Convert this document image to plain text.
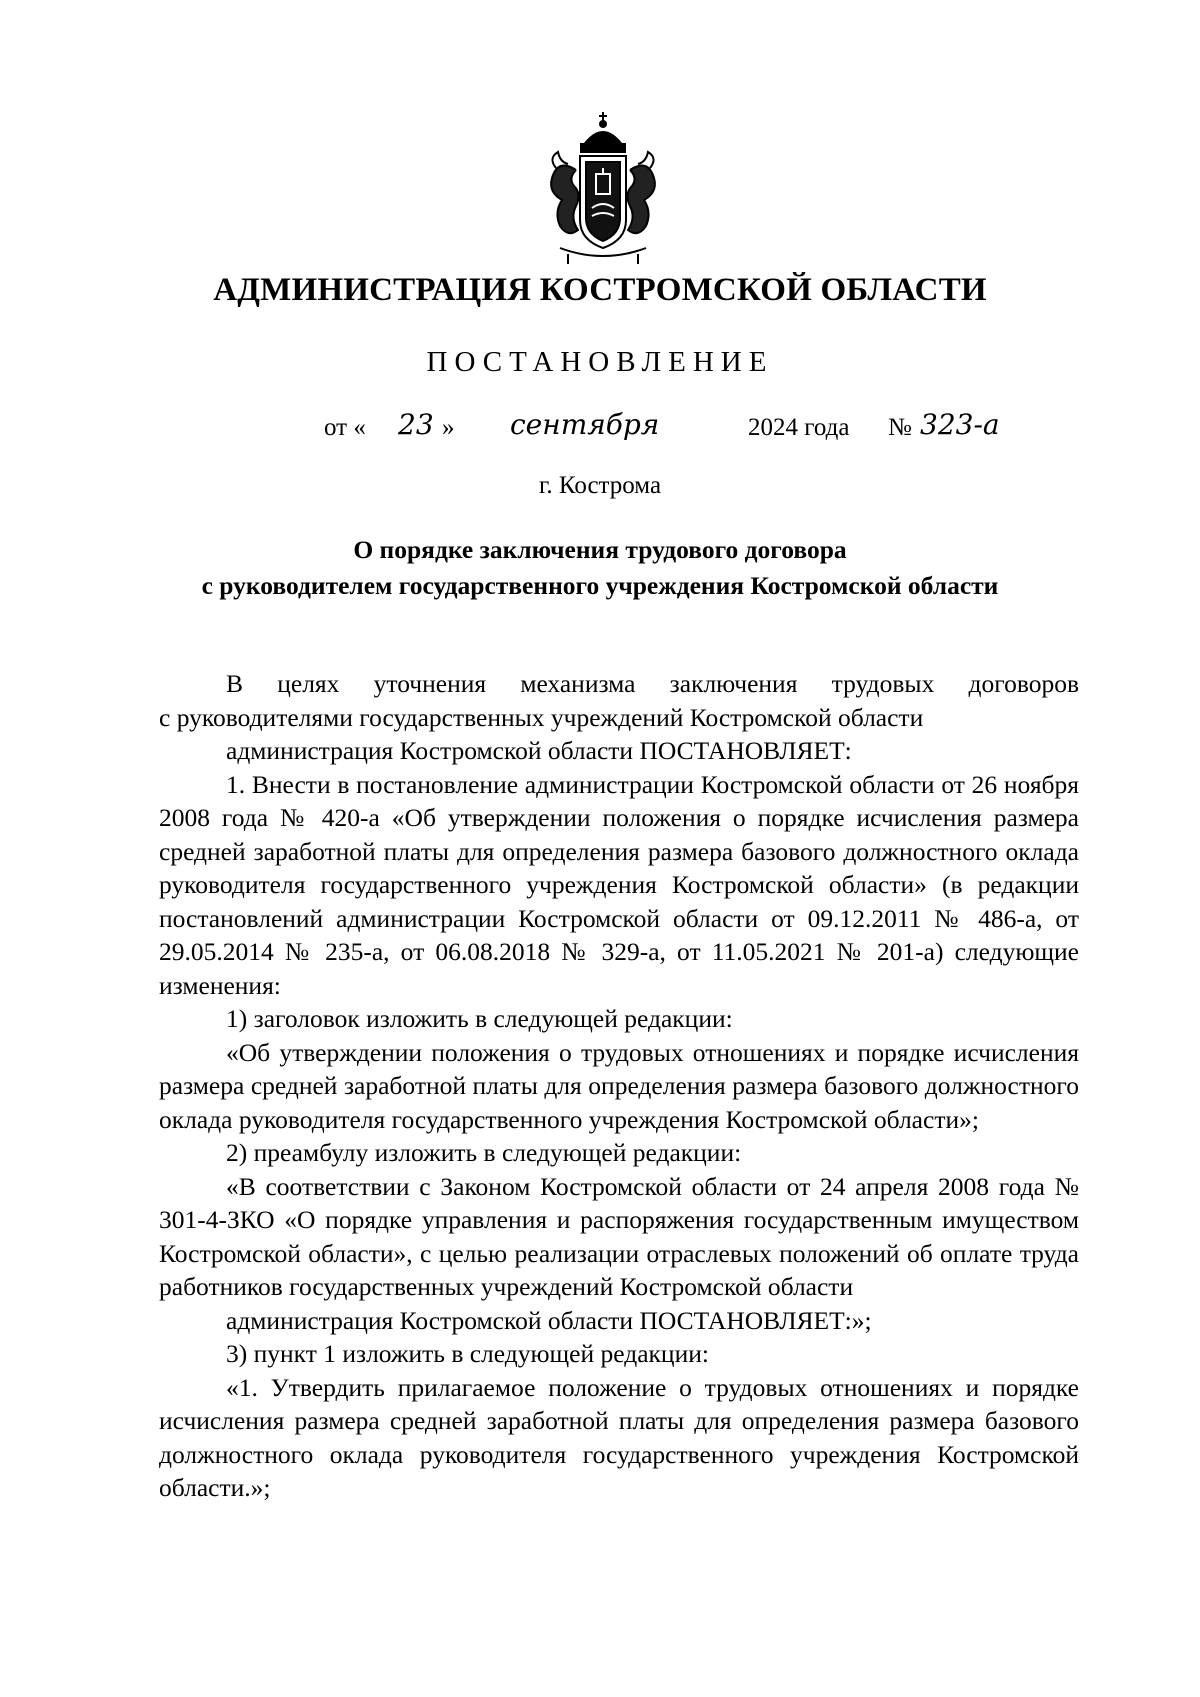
АДМИНИСТРАЦИЯ КОСТРОМСКОЙ ОБЛАСТИ
ПОСТАНОВЛЕНИЕ
от « 23 » сентября	2024 года № 323-а
г. Кострома
О порядке заключения трудового договора
с руководителем государственного учреждения Костромской области

В целях уточнения механизма заключения трудовых договоров

с руководителями государственных учреждений Костромской области

администрация Костромской области ПОСТАНОВЛЯЕТ:

1. Внести в постановление администрации Костромской области от 26 ноября 2008 года № 420-а «Об утверждении положения о порядке исчисления размера средней заработной платы для определения размера базового должностного оклада руководителя государственного учреждения Костромской области» (в редакции постановлений администрации Костромской области от 09.12.2011 № 486-а, от 29.05.2014 № 235-а, от 06.08.2018 № 329-а, от 11.05.2021 № 201-а) следующие изменения:

1) заголовок изложить в следующей редакции:

«Об утверждении положения о трудовых отношениях и порядке исчисления размера средней заработной платы для определения размера базового должностного оклада руководителя государственного учреждения Костромской области»;

2) преамбулу изложить в следующей редакции:

«В соответствии с Законом Костромской области от 24 апреля 2008 года № 301-4-ЗКО «О порядке управления и распоряжения государственным имуществом Костромской области», с целью реализации отраслевых положений об оплате труда работников государственных учреждений Костромской области

администрация Костромской области ПОСТАНОВЛЯЕТ:»;

3) пункт 1 изложить в следующей редакции:

«1. Утвердить прилагаемое положение о трудовых отношениях и порядке исчисления размера средней заработной платы для определения размера базового должностного оклада руководителя государственного учреждения Костромской области.»;
